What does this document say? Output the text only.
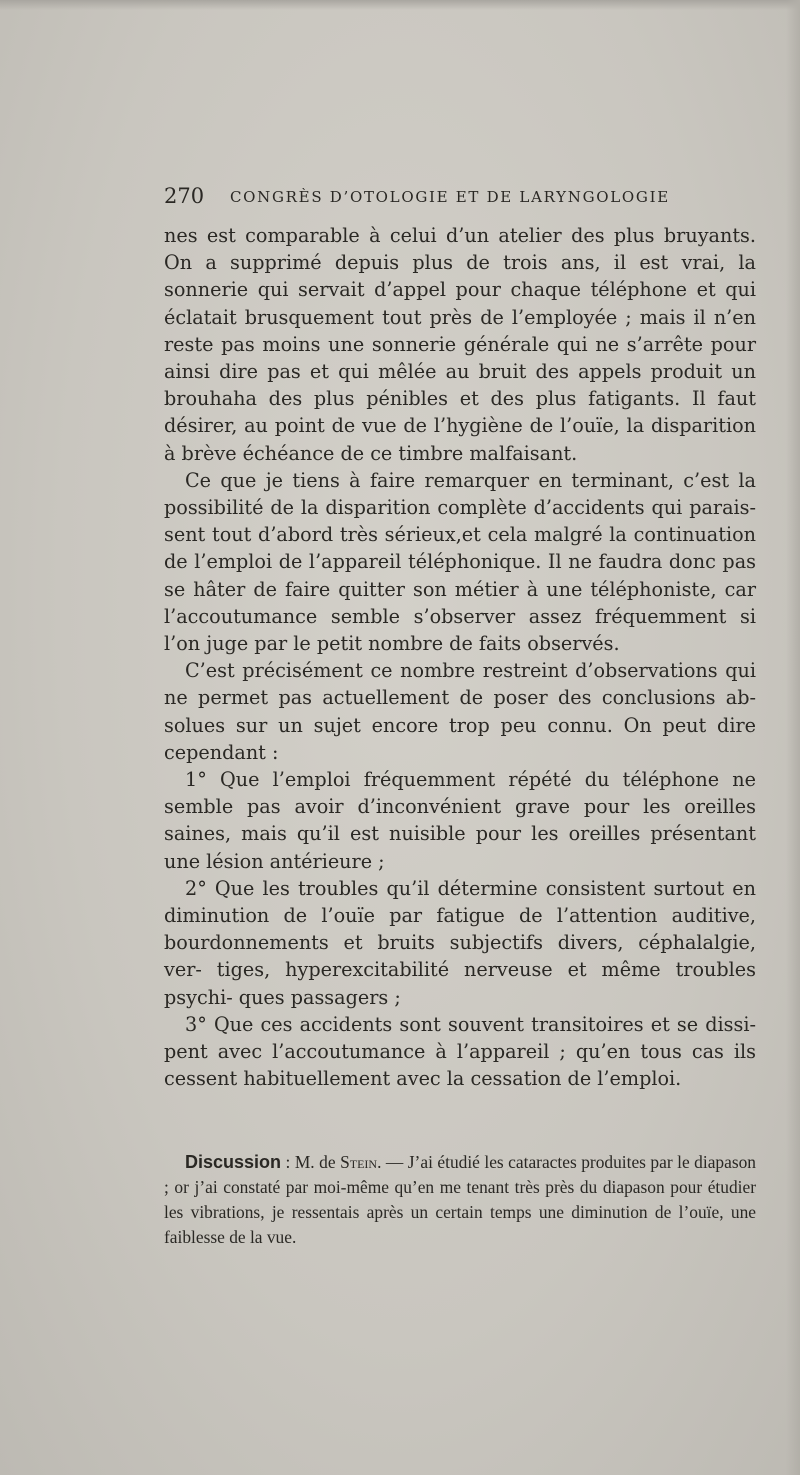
270 CONGRÈS D’OTOLOGIE ET DE LARYNGOLOGIE

nes est comparable à celui d’un atelier des plus bruyants. On a supprimé depuis plus de trois ans, il est vrai, la sonnerie qui servait d’appel pour chaque téléphone et qui éclatait brusquement tout près de l’employée ; mais il n’en reste pas moins une sonnerie générale qui ne s’arrête pour ainsi dire pas et qui mêlée au bruit des appels produit un brouhaha des plus pénibles et des plus fatigants. Il faut désirer, au point de vue de l’hygiène de l’ouïe, la disparition à brève échéance de ce timbre malfaisant.

Ce que je tiens à faire remarquer en terminant, c’est la possibilité de la disparition complète d’accidents qui parais- sent tout d’abord très sérieux,et cela malgré la continuation de l’emploi de l’appareil téléphonique. Il ne faudra donc pas se hâter de faire quitter son métier à une téléphoniste, car l’accoutumance semble s’observer assez fréquemment si l’on juge par le petit nombre de faits observés.

C’est précisément ce nombre restreint d’observations qui ne permet pas actuellement de poser des conclusions ab- solues sur un sujet encore trop peu connu. On peut dire cependant :

1° Que l’emploi fréquemment répété du téléphone ne semble pas avoir d’inconvénient grave pour les oreilles saines, mais qu’il est nuisible pour les oreilles présentant une lésion antérieure ;

2° Que les troubles qu’il détermine consistent surtout en diminution de l’ouïe par fatigue de l’attention auditive, bourdonnements et bruits subjectifs divers, céphalalgie, ver- tiges, hyperexcitabilité nerveuse et même troubles psychi- ques passagers ;

3° Que ces accidents sont souvent transitoires et se dissi- pent avec l’accoutumance à l’appareil ; qu’en tous cas ils cessent habituellement avec la cessation de l’emploi.

Discussion : M. de Stein. — J’ai étudié les cataractes produites par le diapason ; or j’ai constaté par moi-même qu’en me tenant très près du diapason pour étudier les vibrations, je ressentais après un certain temps une diminution de l’ouïe, une faiblesse de la vue.
